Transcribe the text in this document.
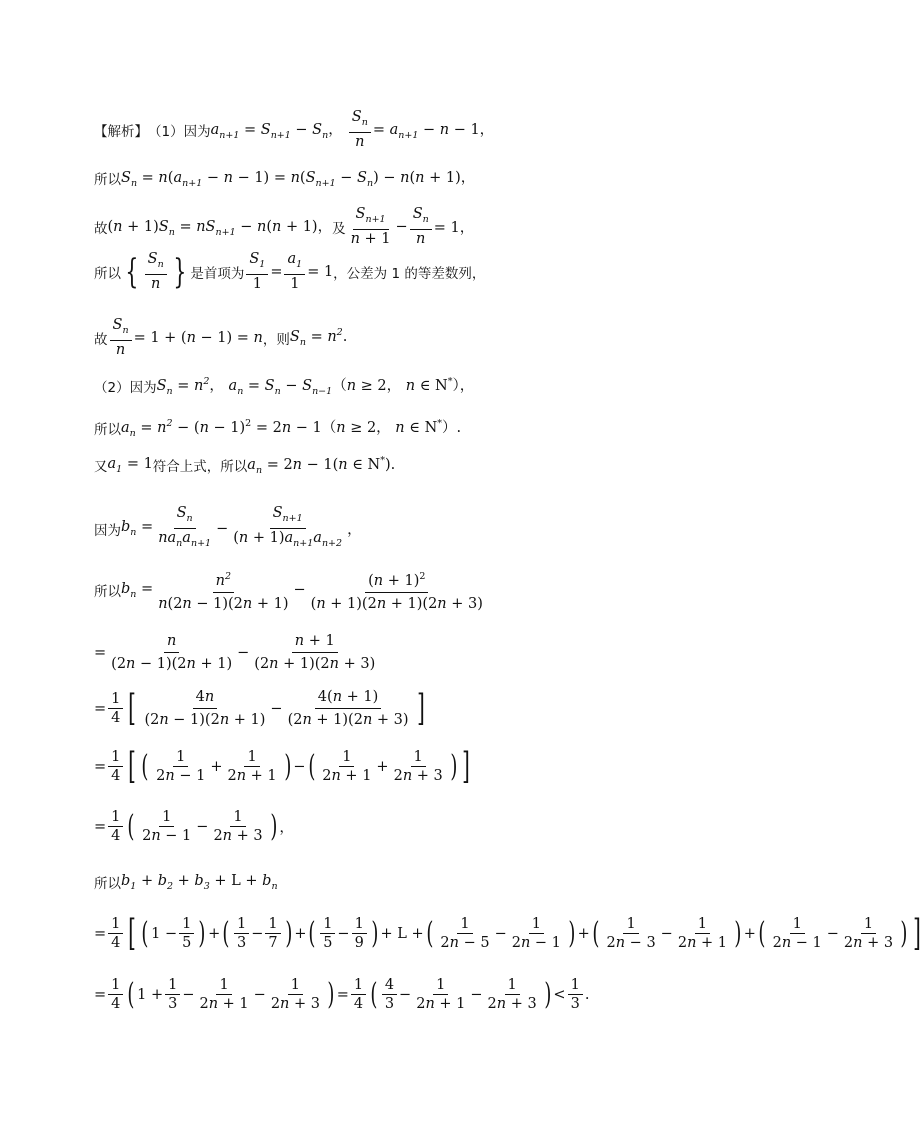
【解析】 （1） 因为 $a_{n+1} = S_{n+1} - S_n$， $\frac{S_n}{n} = a_{n+1} - n - 1$，
所以 $S_n = n(a_{n+1} - n - 1) = n(S_{n+1} - S_n) - n(n + 1)$，
故 $(n + 1)S_n = nS_{n+1} - n(n + 1)$， 及 $\frac{S_{n+1}}{n + 1} - \frac{S_n}{n} = 1$，
所以 { $\frac{S_n}{n}$ } 是首项为 $\frac{S_1}{1} = \frac{a_1}{1} = 1$ ，公差为 1 的等差数列，
故 $\frac{S_n}{n} = 1 + (n - 1) = n$ ，则 $S_n = n^2$.
（2） 因为 $S_n = n^2$， $a_n = S_n - S_{n-1}(n \ge 2$， n ∈ N*），
所以 $a_n = n^2 - (n - 1)^2 = 2n - 1(n \ge 2$， n ∈ N*）.
又 $a_1 = 1$ 符合上式，所以 $a_n = 2n - 1(n$ ∈ N*).
因为 $b_n = \frac{S_n}{na_na_{n+1}} - \frac{S_{n+1}}{(n + 1)a_{n+1}a_{n+2}}$ ，
所以 $b_n = \frac{n^2}{n(2n - 1)(2n + 1)} - \frac{(n + 1)^2}{(n + 1)(2n + 1)(2n + 3)}$
= $\frac{n}{(2n - 1)(2n + 1)} - \frac{n + 1}{(2n + 1)(2n + 3)}$
= $\frac{1}{4}$ [ $\frac{4n}{(2n - 1)(2n + 1)} - \frac{4(n + 1)}{(2n + 1)(2n + 3)}$ ]
= $\frac{1}{4}$ [ ( $\frac{1}{2n - 1} + \frac{1}{2n + 1}$ ) − ( $\frac{1}{2n + 1} + \frac{1}{2n + 3}$ ) ]
= $\frac{1}{4}$ ( $\frac{1}{2n - 1} - \frac{1}{2n + 3}$ ) ，
所以 $b_1 + b_2 + b_3 + L + b_n$
= $\frac{1}{4}$ [ ( $1 - \frac{1}{5}$ ) + ( $\frac{1}{3} - \frac{1}{7}$ ) + ( $\frac{1}{5} - \frac{1}{9}$ ) + L + ( $\frac{1}{2n - 5} - \frac{1}{2n - 1}$ ) + ( $\frac{1}{2n - 3} - \frac{1}{2n + 1}$ ) + ( $\frac{1}{2n - 1} - \frac{1}{2n + 3}$ ) ]
= $\frac{1}{4}$ ( $1 + \frac{1}{3} - \frac{1}{2n + 1} - \frac{1}{2n + 3}$ ) = $\frac{1}{4}$ ( $\frac{4}{3} - \frac{1}{2n + 1} - \frac{1}{2n + 3}$ ) < $\frac{1}{3}$ .
